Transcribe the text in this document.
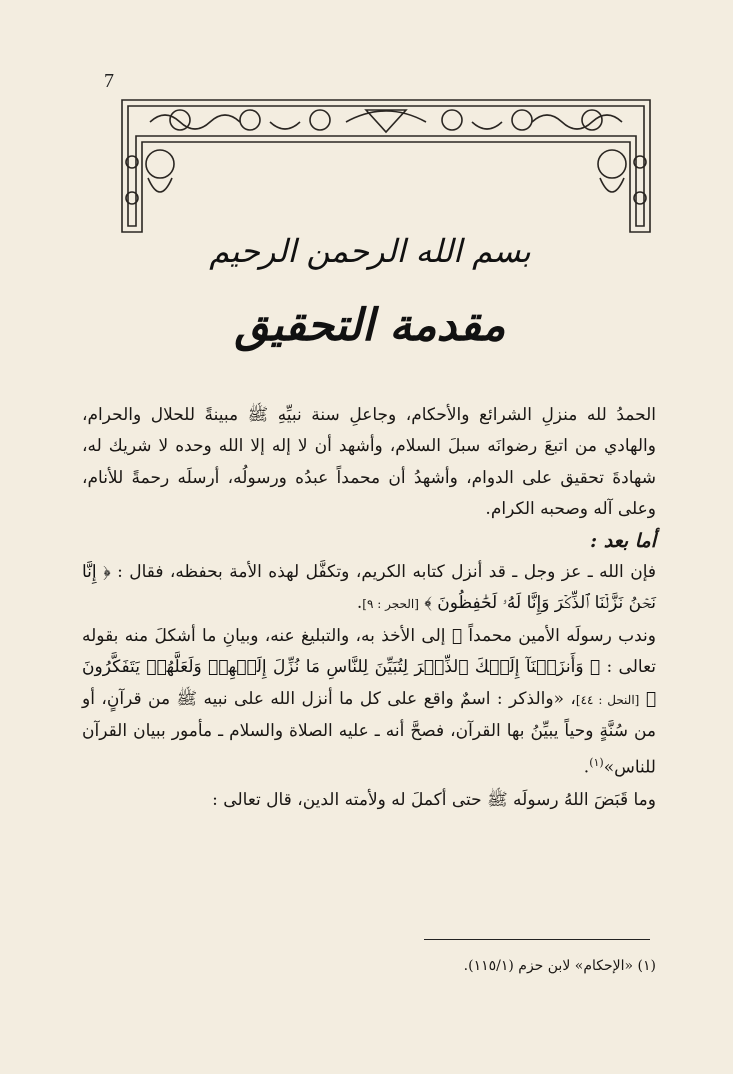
7
بسم الله الرحمن الرحيم
مقدمة التحقيق

الحمدُ لله منزلِ الشرائع والأحكام، وجاعلِ سنة نبيِّهِ ﷺ مبينةً للحلال والحرام، والهادي من اتبعَ رضوانَه سبلَ السلام، وأشهد أن لا إله إلا الله وحده لا شريك له، شهادةَ تحقيق على الدوام، وأشهدُ أن محمداً عبدُه ورسولُه، أرسلَه رحمةً للأنام، وعلى آله وصحبه الكرام.

أما بعد :

فإن الله ـ عز وجل ـ قد أنزل كتابه الكريم، وتكفَّل لهذه الأمة بحفظه، فقال : ﴿ إِنَّا نَحۡنُ نَزَّلۡنَا ٱلذِّكۡرَ وَإِنَّا لَهُۥ لَحَٰفِظُونَ ﴾ [الحجر : ٩].

وندب رسولَه الأمين محمداً ﷺ إلى الأخذ به، والتبليغ عنه، وبيانِ ما أشكلَ منه بقوله تعالى : ﴿ وَأَنزَلۡنَآ إِلَيۡكَ ٱلذِّكۡرَ لِتُبَيِّنَ لِلنَّاسِ مَا نُزِّلَ إِلَيۡهِمۡ وَلَعَلَّهُمۡ يَتَفَكَّرُونَ ﴾ [النحل : ٤٤]، «والذكر : اسمٌ واقع على كل ما أنزل الله على نبيه ﷺ من قرآنٍ، أو من سُنَّةٍ وحياً يبيِّنُ بها القرآن، فصحَّ أنه ـ عليه الصلاة والسلام ـ مأمور ببيان القرآن للناس»$^{(١)}$.

وما قَبَضَ اللهُ رسولَه ﷺ حتى أكملَ له ولأمته الدين، قال تعالى :

(١) «الإحكام» لابن حزم (١١٥/١).
